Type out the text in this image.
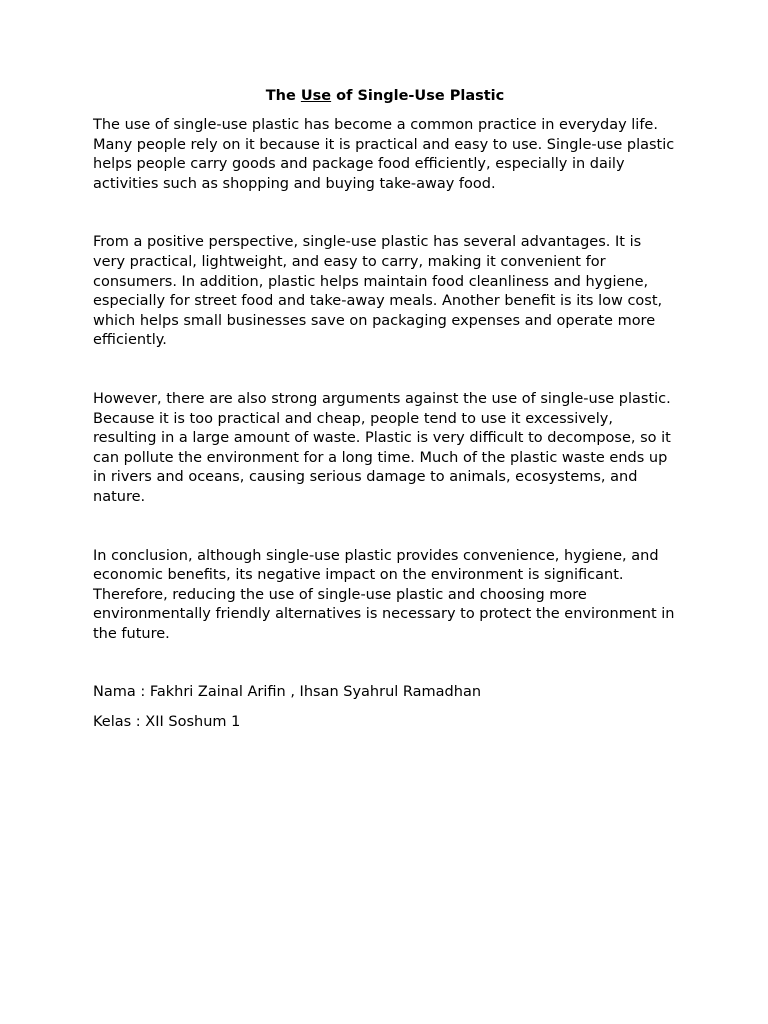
The Use of Single-Use Plastic

The use of single-use plastic has become a common practice in everyday life. Many people rely on it because it is practical and easy to use. Single-use plastic helps people carry goods and package food efficiently, especially in daily activities such as shopping and buying take-away food.

From a positive perspective, single-use plastic has several advantages. It is very practical, lightweight, and easy to carry, making it convenient for consumers. In addition, plastic helps maintain food cleanliness and hygiene, especially for street food and take-away meals. Another benefit is its low cost, which helps small businesses save on packaging expenses and operate more efficiently.

However, there are also strong arguments against the use of single-use plastic. Because it is too practical and cheap, people tend to use it excessively, resulting in a large amount of waste. Plastic is very difficult to decompose, so it can pollute the environment for a long time. Much of the plastic waste ends up in rivers and oceans, causing serious damage to animals, ecosystems, and nature.

In conclusion, although single-use plastic provides convenience, hygiene, and economic benefits, its negative impact on the environment is significant. Therefore, reducing the use of single-use plastic and choosing more environmentally friendly alternatives is necessary to protect the environment in the future.

Nama : Fakhri Zainal Arifin , Ihsan Syahrul Ramadhan

Kelas : XII Soshum 1
